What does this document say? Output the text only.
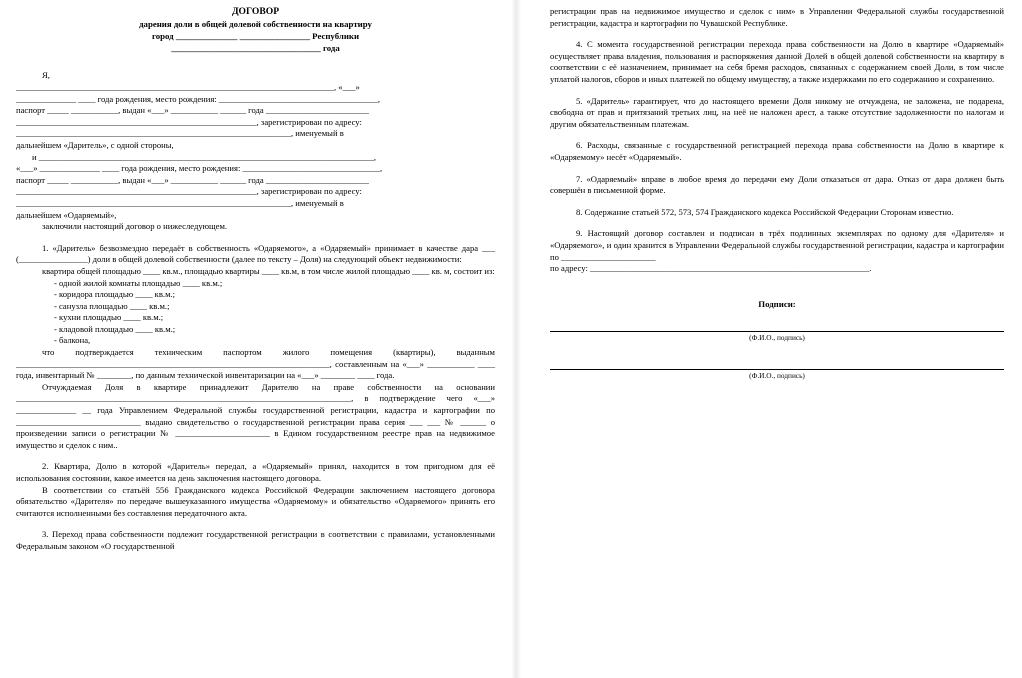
ДОГОВОР
дарения доли в общей долевой собственности на квартиру
город ______________ ________________ Республики
__________________________________ года
Я,
__________________________________________________________________________, «___»
______________ ____ года рождения, место рождения: _____________________________________,
паспорт _____ ___________, выдан «___» ___________ ______ года ________________________
________________________________________________________, зарегистрирован по адресу:
________________________________________________________________, именуемый в
дальнейшем «Даритель», с одной стороны,
и ______________________________________________________________________________,
«___» ______________ ____ года рождения, место рождения: ________________________________,
паспорт _____ ___________, выдан «___» ___________ ______ года ________________________
________________________________________________________, зарегистрирован по адресу:
________________________________________________________________, именуемый в
дальнейшем «Одаряемый»,
заключили настоящий договор о нижеследующем.
1. «Даритель» безвозмездно передаёт в собственность «Одаряемого», а «Одаряемый» принимает в качестве дара ___ (________________) доли в общей долевой собственности (далее по тексту – Доля) на следующий объект недвижимости:
квартира общей площадью ____ кв.м., площадью квартиры ____ кв.м, в том числе жилой площадью ____ кв. м, состоит из:
- одной жилой комнаты площадью ____ кв.м.;
- коридора площадью ____ кв.м.;
- санузла площадью ____ кв.м.;
- кухни площадью ____ кв.м.;
- кладовой площадью ____ кв.м.;
- балкона,
что подтверждается техническим паспортом жилого помещения (квартиры), выданным _________________________________________________________________________, составленным на «___» ___________ ____ года, инвентарный № ________, по данным технической инвентаризации на «___» ________ ____ года.
Отчуждаемая Доля в квартире принадлежит Дарителю на праве собственности на основании ______________________________________________________________________________, в подтверждение чего «___» ______________ __ года Управлением Федеральной службы государственной регистрации, кадастра и картографии по _____________________________ выдано свидетельство о государственной регистрации права серия ___ ___ № ______ о произведении записи о регистрации № ______________________ в Едином государственном реестре прав на недвижимое имущество и сделок с ним..
2. Квартира, Долю в которой «Даритель» передал, а «Одаряемый» принял, находится в том пригодном для её использования состоянии, какое имеется на день заключения настоящего договора.
В соответствии со статьёй 556 Гражданского кодекса Российской Федерации заключением настоящего договора обязательство «Дарителя» по передаче вышеуказанного имущества «Одаряемому» и обязательство «Одаряемого» принять его считаются исполненными без составления передаточного акта.
3. Переход права собственности подлежит государственной регистрации в соответствии с правилами, установленными Федеральным законом «О государственной
регистрации прав на недвижимое имущество и сделок с ним» в Управлении Федеральной службы государственной регистрации, кадастра и картографии по Чувашской Республике.
4. С момента государственной регистрации перехода права собственности на Долю в квартире «Одаряемый» осуществляет права владения, пользования и распоряжения данной Долей в общей долевой собственности на квартиру в соответствии с её назначением, принимает на себя бремя расходов, связанных с содержанием своей Доли, в том числе уплатой налогов, сборов и иных платежей по общему имуществу, а также издержками по его содержанию и сохранению.
5. «Даритель» гарантирует, что до настоящего времени Доля никому не отчуждена, не заложена, не подарена, свободна от прав и притязаний третьих лиц, на неё не наложен арест, а также отсутствие задолженности по налогам и другим обязательственным платежам.
6. Расходы, связанные с государственной регистрацией перехода права собственности на Долю в квартире к «Одаряемому» несёт «Одаряемый».
7. «Одаряемый» вправе в любое время до передачи ему Доли отказаться от дара. Отказ от дара должен быть совершён в письменной форме.
8. Содержание статьей 572, 573, 574 Гражданского кодекса Российской Федерации Сторонам известно.
9. Настоящий договор составлен и подписан в трёх подлинных экземплярах по одному для «Дарителя» и «Одаряемого», и один хранится в Управлении Федеральной службы государственной регистрации, кадастра и картографии по ______________________
по адресу: _________________________________________________________________.
Подписи:
(Ф.И.О., подпись)
(Ф.И.О., подпись)
